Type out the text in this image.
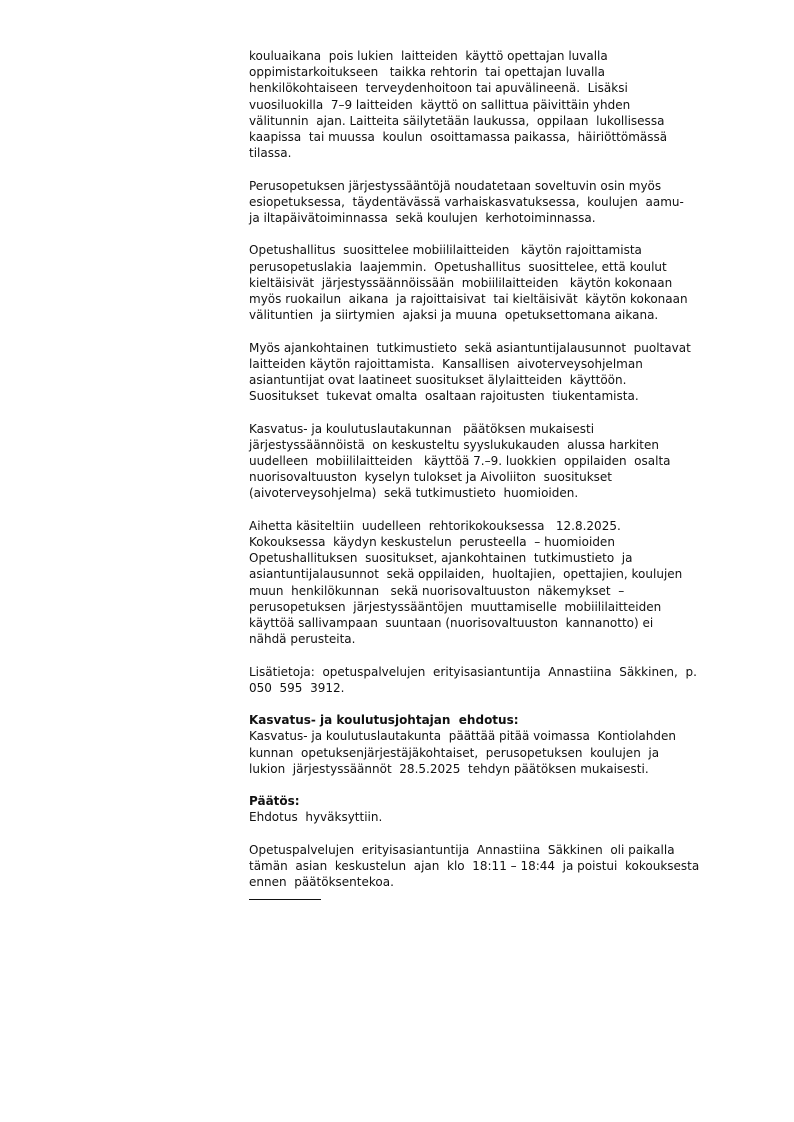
kouluaikana  pois lukien  laitteiden  käyttö opettajan luvalla
oppimistarkoitukseen   taikka rehtorin  tai opettajan luvalla
henkilökohtaiseen  terveydenhoitoon tai apuvälineenä.  Lisäksi
vuosiluokilla  7–9 laitteiden  käyttö on sallittua päivittäin yhden
välitunnin  ajan. Laitteita säilytetään laukussa,  oppilaan  lukollisessa
kaapissa  tai muussa  koulun  osoittamassa paikassa,  häiriöttömässä
tilassa.
Perusopetuksen järjestyssääntöjä noudatetaan soveltuvin osin myös
esiopetuksessa,  täydentävässä varhaiskasvatuksessa,  koulujen  aamu-
ja iltapäivätoiminnassa  sekä koulujen  kerhotoiminnassa.
Opetushallitus  suosittelee mobiililaitteiden   käytön rajoittamista
perusopetuslakia  laajemmin.  Opetushallitus  suosittelee, että koulut
kieltäisivät  järjestyssäännöissään  mobiililaitteiden   käytön kokonaan
myös ruokailun  aikana  ja rajoittaisivat  tai kieltäisivät  käytön kokonaan
välituntien  ja siirtymien  ajaksi ja muuna  opetuksettomana aikana.
Myös ajankohtainen  tutkimustieto  sekä asiantuntijalausunnot  puoltavat
laitteiden käytön rajoittamista.  Kansallisen  aivoterveysohjelman
asiantuntijat ovat laatineet suositukset älylaitteiden  käyttöön.
Suositukset  tukevat omalta  osaltaan rajoitusten  tiukentamista.
Kasvatus- ja koulutuslautakunnan   päätöksen mukaisesti
järjestyssäännöistä  on keskusteltu syyslukukauden  alussa harkiten
uudelleen  mobiililaitteiden   käyttöä 7.–9. luokkien  oppilaiden  osalta
nuorisovaltuuston  kyselyn tulokset ja Aivoliiton  suositukset
(aivoterveysohjelma)  sekä tutkimustieto  huomioiden.
Aihetta käsiteltiin  uudelleen  rehtorikokouksessa   12.8.2025.
Kokouksessa  käydyn keskustelun  perusteella  – huomioiden
Opetushallituksen  suositukset, ajankohtainen  tutkimustieto  ja
asiantuntijalausunnot  sekä oppilaiden,  huoltajien,  opettajien, koulujen
muun  henkilökunnan   sekä nuorisovaltuuston  näkemykset  –
perusopetuksen  järjestyssääntöjen  muuttamiselle  mobiililaitteiden
käyttöä sallivampaan  suuntaan (nuorisovaltuuston  kannanotto) ei
nähdä perusteita.
Lisätietoja:  opetuspalvelujen  erityisasiantuntija  Annastiina  Säkkinen,  p.
050  595  3912.
Kasvatus- ja koulutusjohtajan  ehdotus:
Kasvatus- ja koulutuslautakunta  päättää pitää voimassa  Kontiolahden
kunnan  opetuksenjärjestäjäkohtaiset,  perusopetuksen  koulujen  ja
lukion  järjestyssäännöt  28.5.2025  tehdyn päätöksen mukaisesti.
Päätös:
Ehdotus  hyväksyttiin.
Opetuspalvelujen  erityisasiantuntija  Annastiina  Säkkinen  oli paikalla
tämän  asian  keskustelun  ajan  klo  18:11 – 18:44  ja poistui  kokouksesta
ennen  päätöksentekoa.
